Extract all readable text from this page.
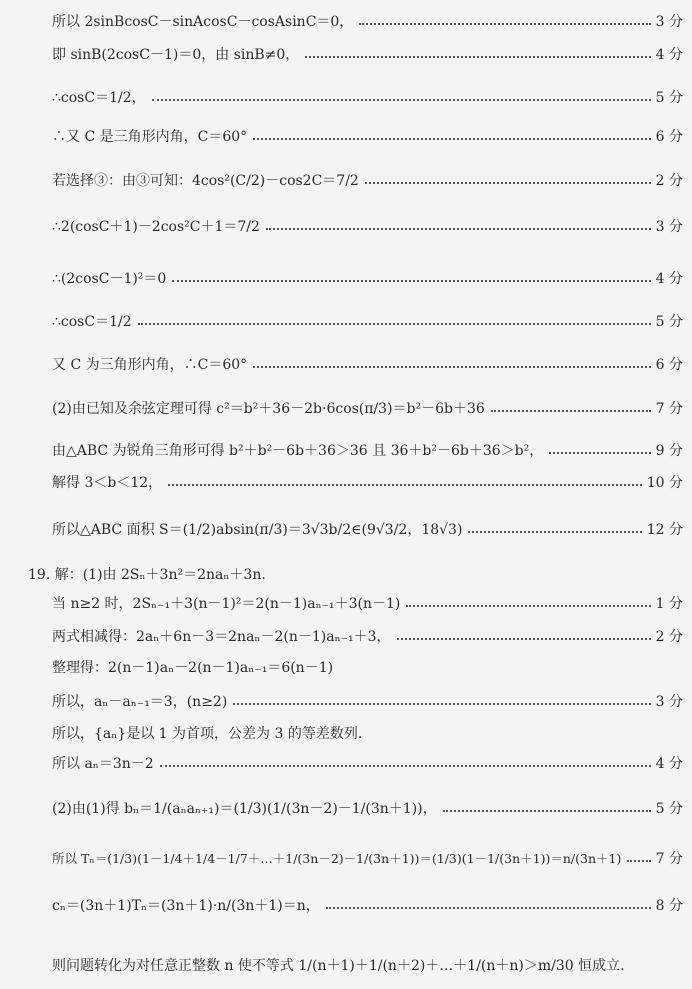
所以 2sinBcosC－sinAcosC－cosAsinC＝0，	3 分
即 sinB(2cosC－1)＝0，由 sinB≠0，	4 分
∴cosC＝1/2，	5 分
∴又 C 是三角形内角，C＝60°	6 分
若选择③：由③可知：4cos²(C/2)－cos2C＝7/2	2 分
∴2(cosC＋1)－2cos²C＋1＝7/2	3 分
∴(2cosC－1)²＝0	4 分
∴cosC＝1/2	5 分
又 C 为三角形内角，∴C＝60°	6 分
(2)由已知及余弦定理可得 c²＝b²＋36－2b·6cos(π/3)＝b²－6b＋36	7 分
由△ABC 为锐角三角形可得 b²＋b²－6b＋36＞36 且 36＋b²－6b＋36＞b²，	9 分
解得 3＜b＜12，	10 分
所以△ABC 面积 S＝(1/2)absin(π/3)＝3√3b/2∈(9√3/2，18√3)	12 分
19. 解：(1)由 2Sₙ＋3n²＝2naₙ＋3n.
当 n≥2 时，2Sₙ₋₁＋3(n－1)²＝2(n－1)aₙ₋₁＋3(n－1)	1 分
两式相减得：2aₙ＋6n－3＝2naₙ－2(n－1)aₙ₋₁＋3，	2 分
整理得：2(n－1)aₙ－2(n－1)aₙ₋₁＝6(n－1)
所以，aₙ－aₙ₋₁＝3，(n≥2)	3 分
所以，{aₙ}是以 1 为首项，公差为 3 的等差数列.
所以 aₙ＝3n－2	4 分
(2)由(1)得 bₙ＝1/(aₙaₙ₊₁)＝(1/3)(1/(3n－2)－1/(3n＋1))，	5 分
所以 Tₙ＝(1/3)(1－1/4＋1/4－1/7＋…＋1/(3n－2)－1/(3n＋1))＝(1/3)(1－1/(3n＋1))＝n/(3n＋1) 7 分
cₙ＝(3n＋1)Tₙ＝(3n＋1)·n/(3n＋1)＝n，	8 分
则问题转化为对任意正整数 n 使不等式 1/(n＋1)＋1/(n＋2)＋…＋1/(n＋n)＞m/30 恒成立.
